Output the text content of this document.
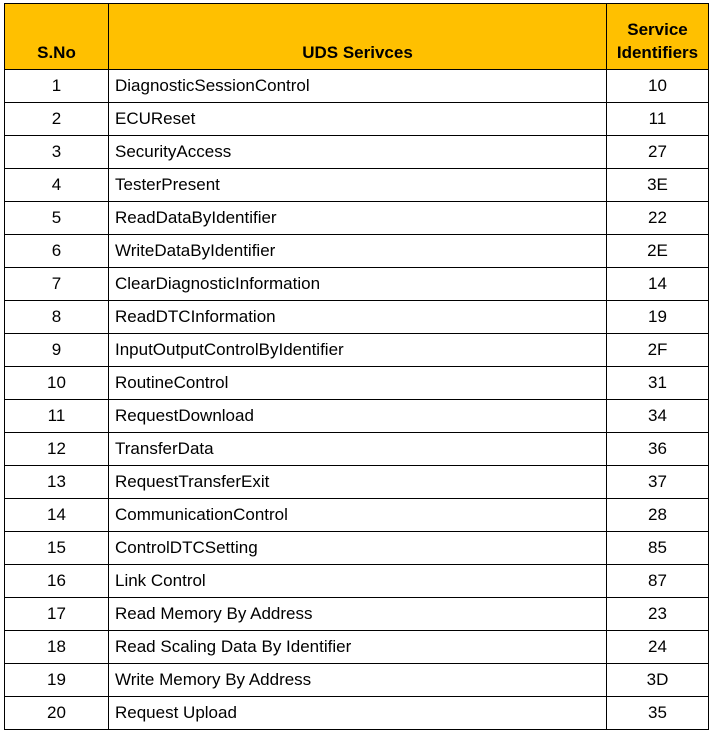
S.No	UDS Serivces	Service
Identifiers

1	DiagnosticSessionControl	10
2	ECUReset	11
3	SecurityAccess	27
4	TesterPresent	3E
5	ReadDataByIdentifier	22
6	WriteDataByIdentifier	2E
7	ClearDiagnosticInformation	14
8	ReadDTCInformation	19
9	InputOutputControlByIdentifier	2F
10	RoutineControl	31
11	RequestDownload	34
12	TransferData	36
13	RequestTransferExit	37
14	CommunicationControl	28
15	ControlDTCSetting	85
16	Link Control	87
17	Read Memory By Address	23
18	Read Scaling Data By Identifier	24
19	Write Memory By Address	3D
20	Request Upload	35
